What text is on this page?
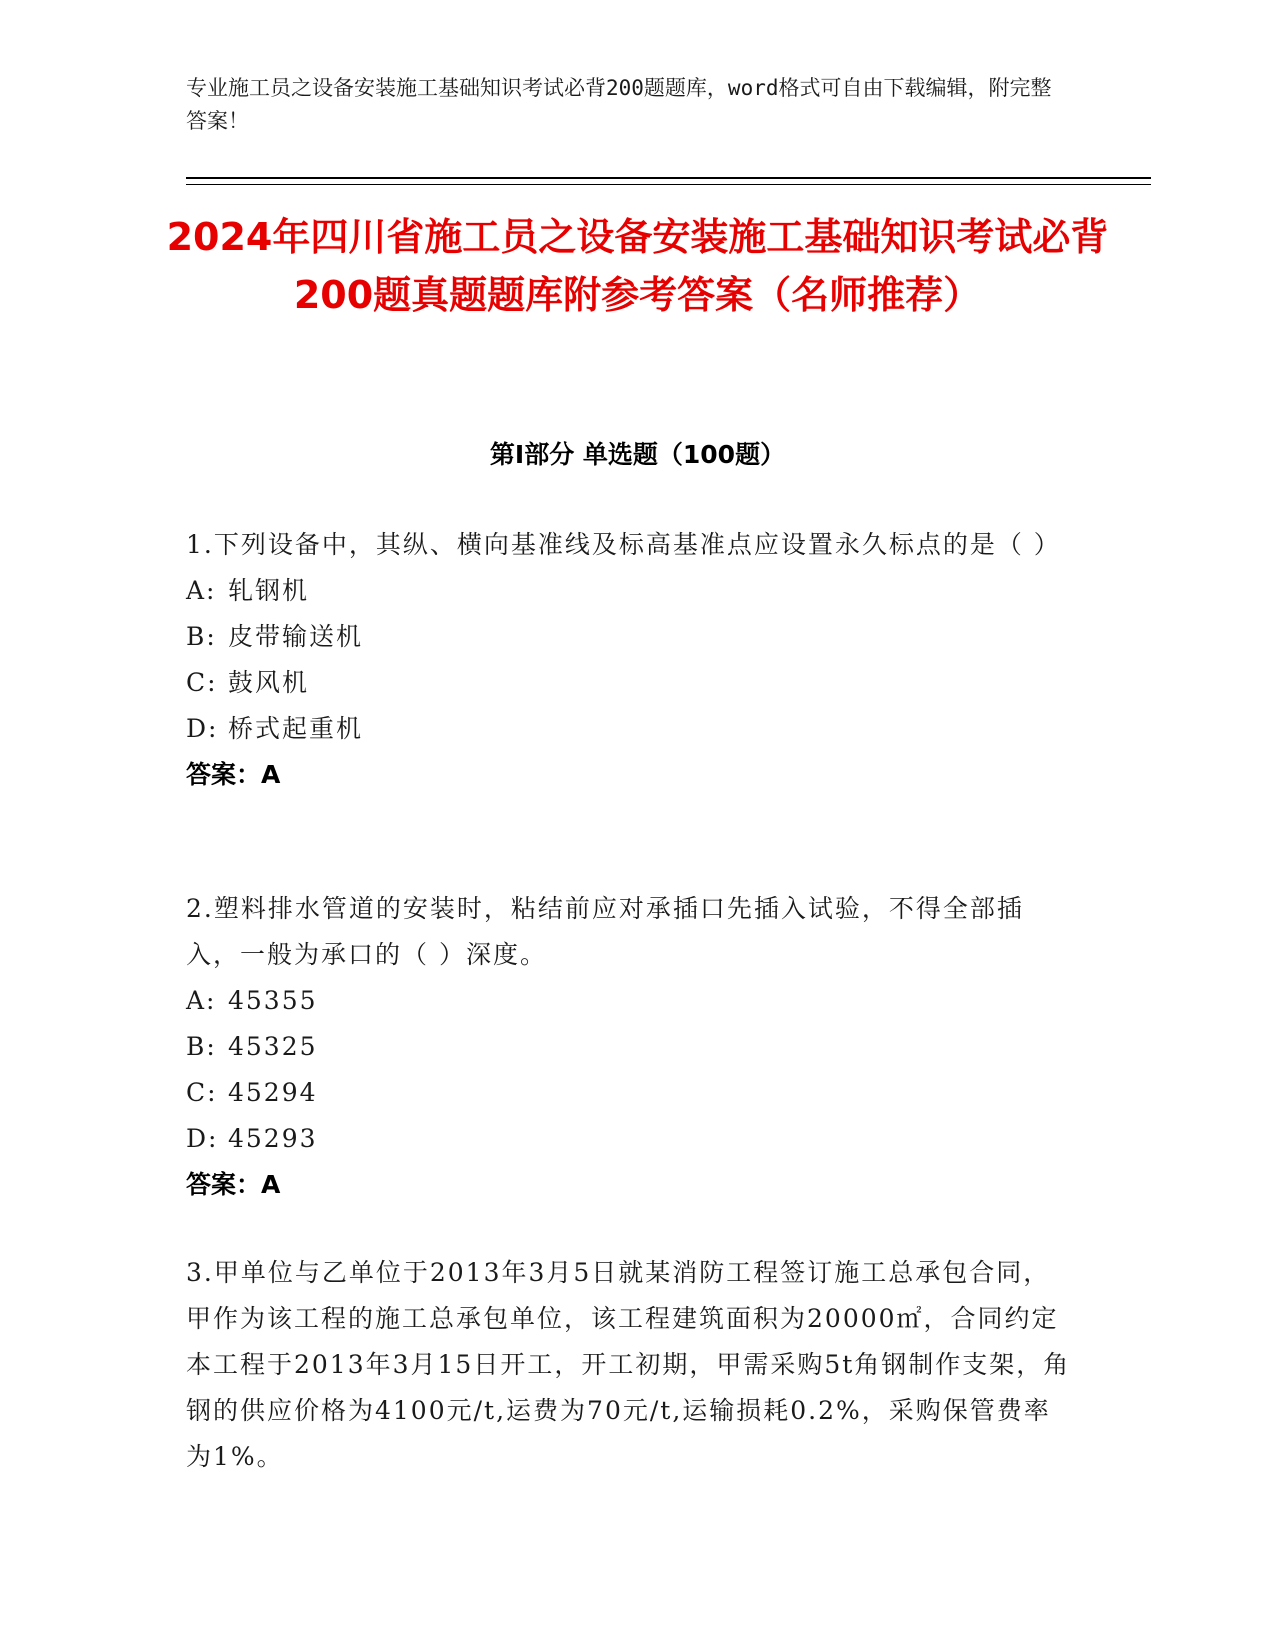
专业施工员之设备安装施工基础知识考试必背200题题库，word格式可自由下载编辑，附完整答案！

2024年四川省施工员之设备安装施工基础知识考试必背200题真题题库附参考答案（名师推荐）
第Ⅰ部分 单选题（100题）

1.下列设备中，其纵、横向基准线及标高基准点应设置永久标点的是（ ）

A: 轧钢机

B: 皮带输送机

C: 鼓风机

D: 桥式起重机

答案：A

2.塑料排水管道的安装时，粘结前应对承插口先插入试验，不得全部插入，一般为承口的（ ）深度。

A: 45355

B: 45325

C: 45294

D: 45293

答案：A

3.甲单位与乙单位于2013年3月5日就某消防工程签订施工总承包合同，甲作为该工程的施工总承包单位，该工程建筑面积为20000㎡，合同约定本工程于2013年3月15日开工，开工初期，甲需采购5t角钢制作支架，角钢的供应价格为4100元/t,运费为70元/t,运输损耗0.2%，采购保管费率为1%。
